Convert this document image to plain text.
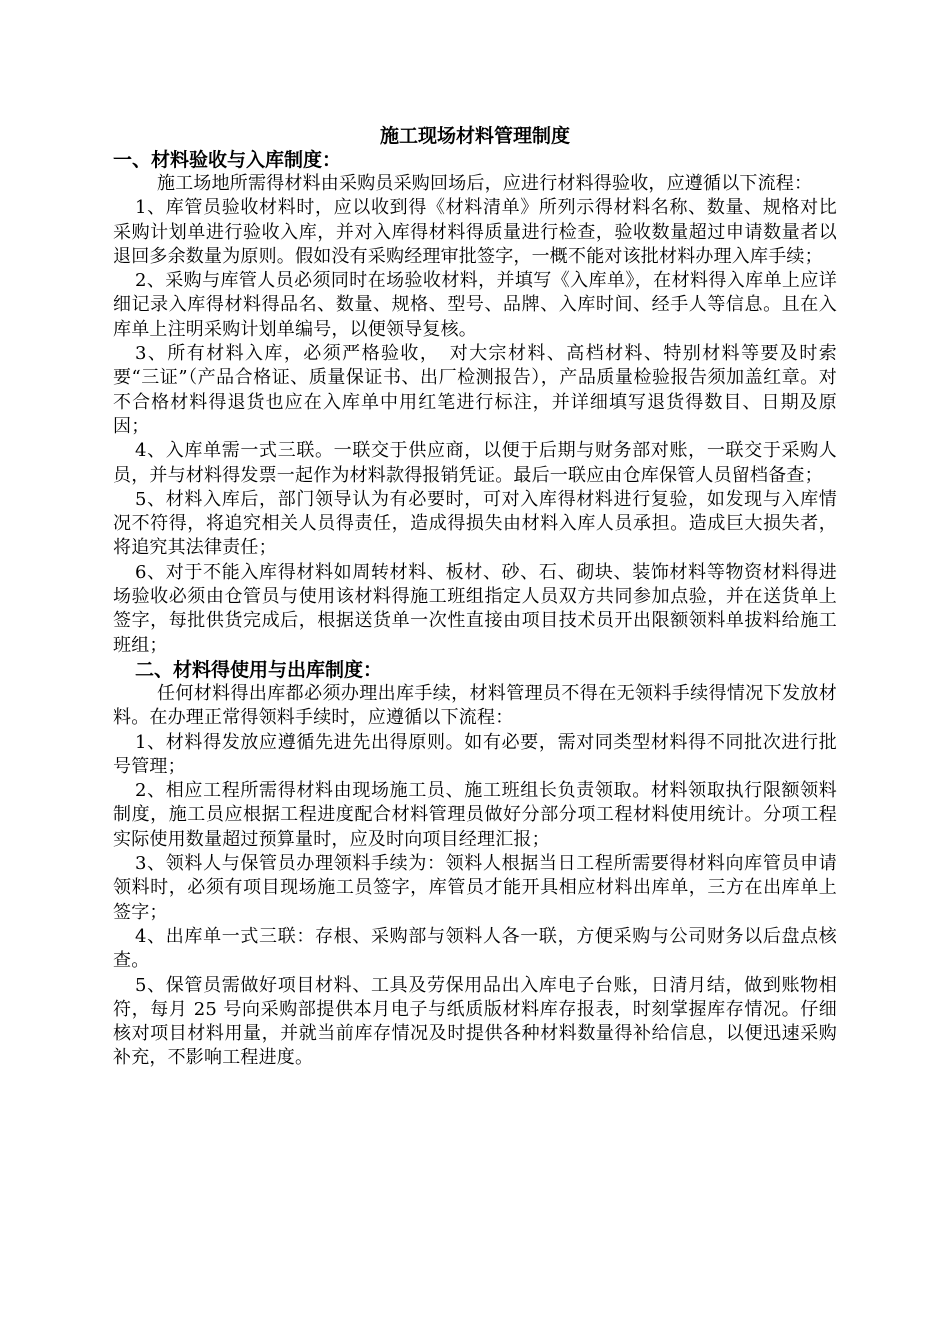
施工现场材料管理制度
一、材料验收与入库制度：

施工场地所需得材料由采购员采购回场后，应进行材料得验收，应遵循以下流程：

1、库管员验收材料时，应以收到得《材料清单》所列示得材料名称、数量、规格对比采购计划单进行验收入库，并对入库得材料得质量进行检查，验收数量超过申请数量者以退回多余数量为原则。假如没有采购经理审批签字，一概不能对该批材料办理入库手续；

2、采购与库管人员必须同时在场验收材料，并填写《入库单》，在材料得入库单上应详细记录入库得材料得品名、数量、规格、型号、品牌、入库时间、经手人等信息。且在入库单上注明采购计划单编号，以便领导复核。

3、所有材料入库，必须严格验收，　对大宗材料、高档材料、特别材料等要及时索要“三证”（产品合格证、质量保证书、出厂检测报告），产品质量检验报告须加盖红章。对不合格材料得退货也应在入库单中用红笔进行标注，并详细填写退货得数目、日期及原因；

4、入库单需一式三联。一联交于供应商，以便于后期与财务部对账，一联交于采购人员，并与材料得发票一起作为材料款得报销凭证。最后一联应由仓库保管人员留档备查；

5、材料入库后，部门领导认为有必要时，可对入库得材料进行复验，如发现与入库情况不符得，将追究相关人员得责任，造成得损失由材料入库人员承担。造成巨大损失者，将追究其法律责任；

6、对于不能入库得材料如周转材料、板材、砂、石、砌块、装饰材料等物资材料得进场验收必须由仓管员与使用该材料得施工班组指定人员双方共同参加点验，并在送货单上签字，每批供货完成后，根据送货单一次性直接由项目技术员开出限额领料单拔料给施工班组；

二、材料得使用与出库制度：

任何材料得出库都必须办理出库手续，材料管理员不得在无领料手续得情况下发放材料。在办理正常得领料手续时，应遵循以下流程：

1、材料得发放应遵循先进先出得原则。如有必要，需对同类型材料得不同批次进行批号管理；

2、相应工程所需得材料由现场施工员、施工班组长负责领取。材料领取执行限额领料制度，施工员应根据工程进度配合材料管理员做好分部分项工程材料使用统计。分项工程实际使用数量超过预算量时，应及时向项目经理汇报；

3、领料人与保管员办理领料手续为：领料人根据当日工程所需要得材料向库管员申请领料时，必须有项目现场施工员签字，库管员才能开具相应材料出库单，三方在出库单上签字；

4、出库单一式三联：存根、采购部与领料人各一联，方便采购与公司财务以后盘点核查。

5、保管员需做好项目材料、工具及劳保用品出入库电子台账，日清月结，做到账物相符，每月 25 号向采购部提供本月电子与纸质版材料库存报表，时刻掌握库存情况。仔细核对项目材料用量，并就当前库存情况及时提供各种材料数量得补给信息，以便迅速采购补充，不影响工程进度。
